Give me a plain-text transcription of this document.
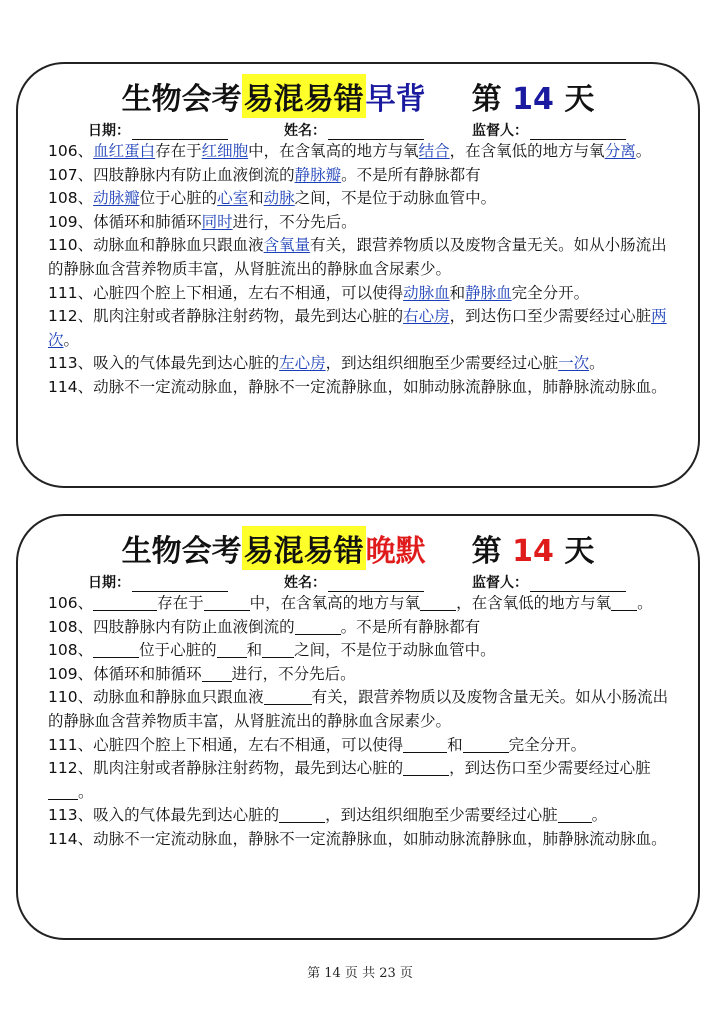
生物会考易混易错早背 第 14 天
日期：	姓名：	监督人：

106、血红蛋白存在于红细胞中，在含氧高的地方与氧结合，在含氧低的地方与氧分离。

107、四肢静脉内有防止血液倒流的静脉瓣。不是所有静脉都有

108、动脉瓣位于心脏的心室和动脉之间，不是位于动脉血管中。

109、体循环和肺循环同时进行，不分先后。

110、动脉血和静脉血只跟血液含氧量有关，跟营养物质以及废物含量无关。如从小肠流出的静脉血含营养物质丰富，从肾脏流出的静脉血含尿素少。

111、心脏四个腔上下相通，左右不相通，可以使得动脉血和静脉血完全分开。

112、肌肉注射或者静脉注射药物，最先到达心脏的右心房，到达伤口至少需要经过心脏两次。

113、吸入的气体最先到达心脏的左心房，到达组织细胞至少需要经过心脏一次。

114、动脉不一定流动脉血，静脉不一定流静脉血，如肺动脉流静脉血，肺静脉流动脉血。

生物会考易混易错晚默 第 14 天
日期：	姓名：	监督人：

106、	存在于	中，在含氧高的地方与氧 ，在含氧低的地方与氧 。

108、四肢静脉内有防止血液倒流的	。不是所有静脉都有

108、	位于心脏的 和 之间，不是位于动脉血管中。

109、体循环和肺循环 进行，不分先后。

110、动脉血和静脉血只跟血液	有关，跟营养物质以及废物含量无关。如从小肠流出的静脉血含营养物质丰富，从肾脏流出的静脉血含尿素少。

111、心脏四个腔上下相通，左右不相通，可以使得	和	完全分开。

112、肌肉注射或者静脉注射药物，最先到达心脏的	，到达伤口至少需要经过心脏。

113、吸入的气体最先到达心脏的	，到达组织细胞至少需要经过心脏 。

114、动脉不一定流动脉血，静脉不一定流静脉血，如肺动脉流静脉血，肺静脉流动脉血。

第 14 页 共 23 页
